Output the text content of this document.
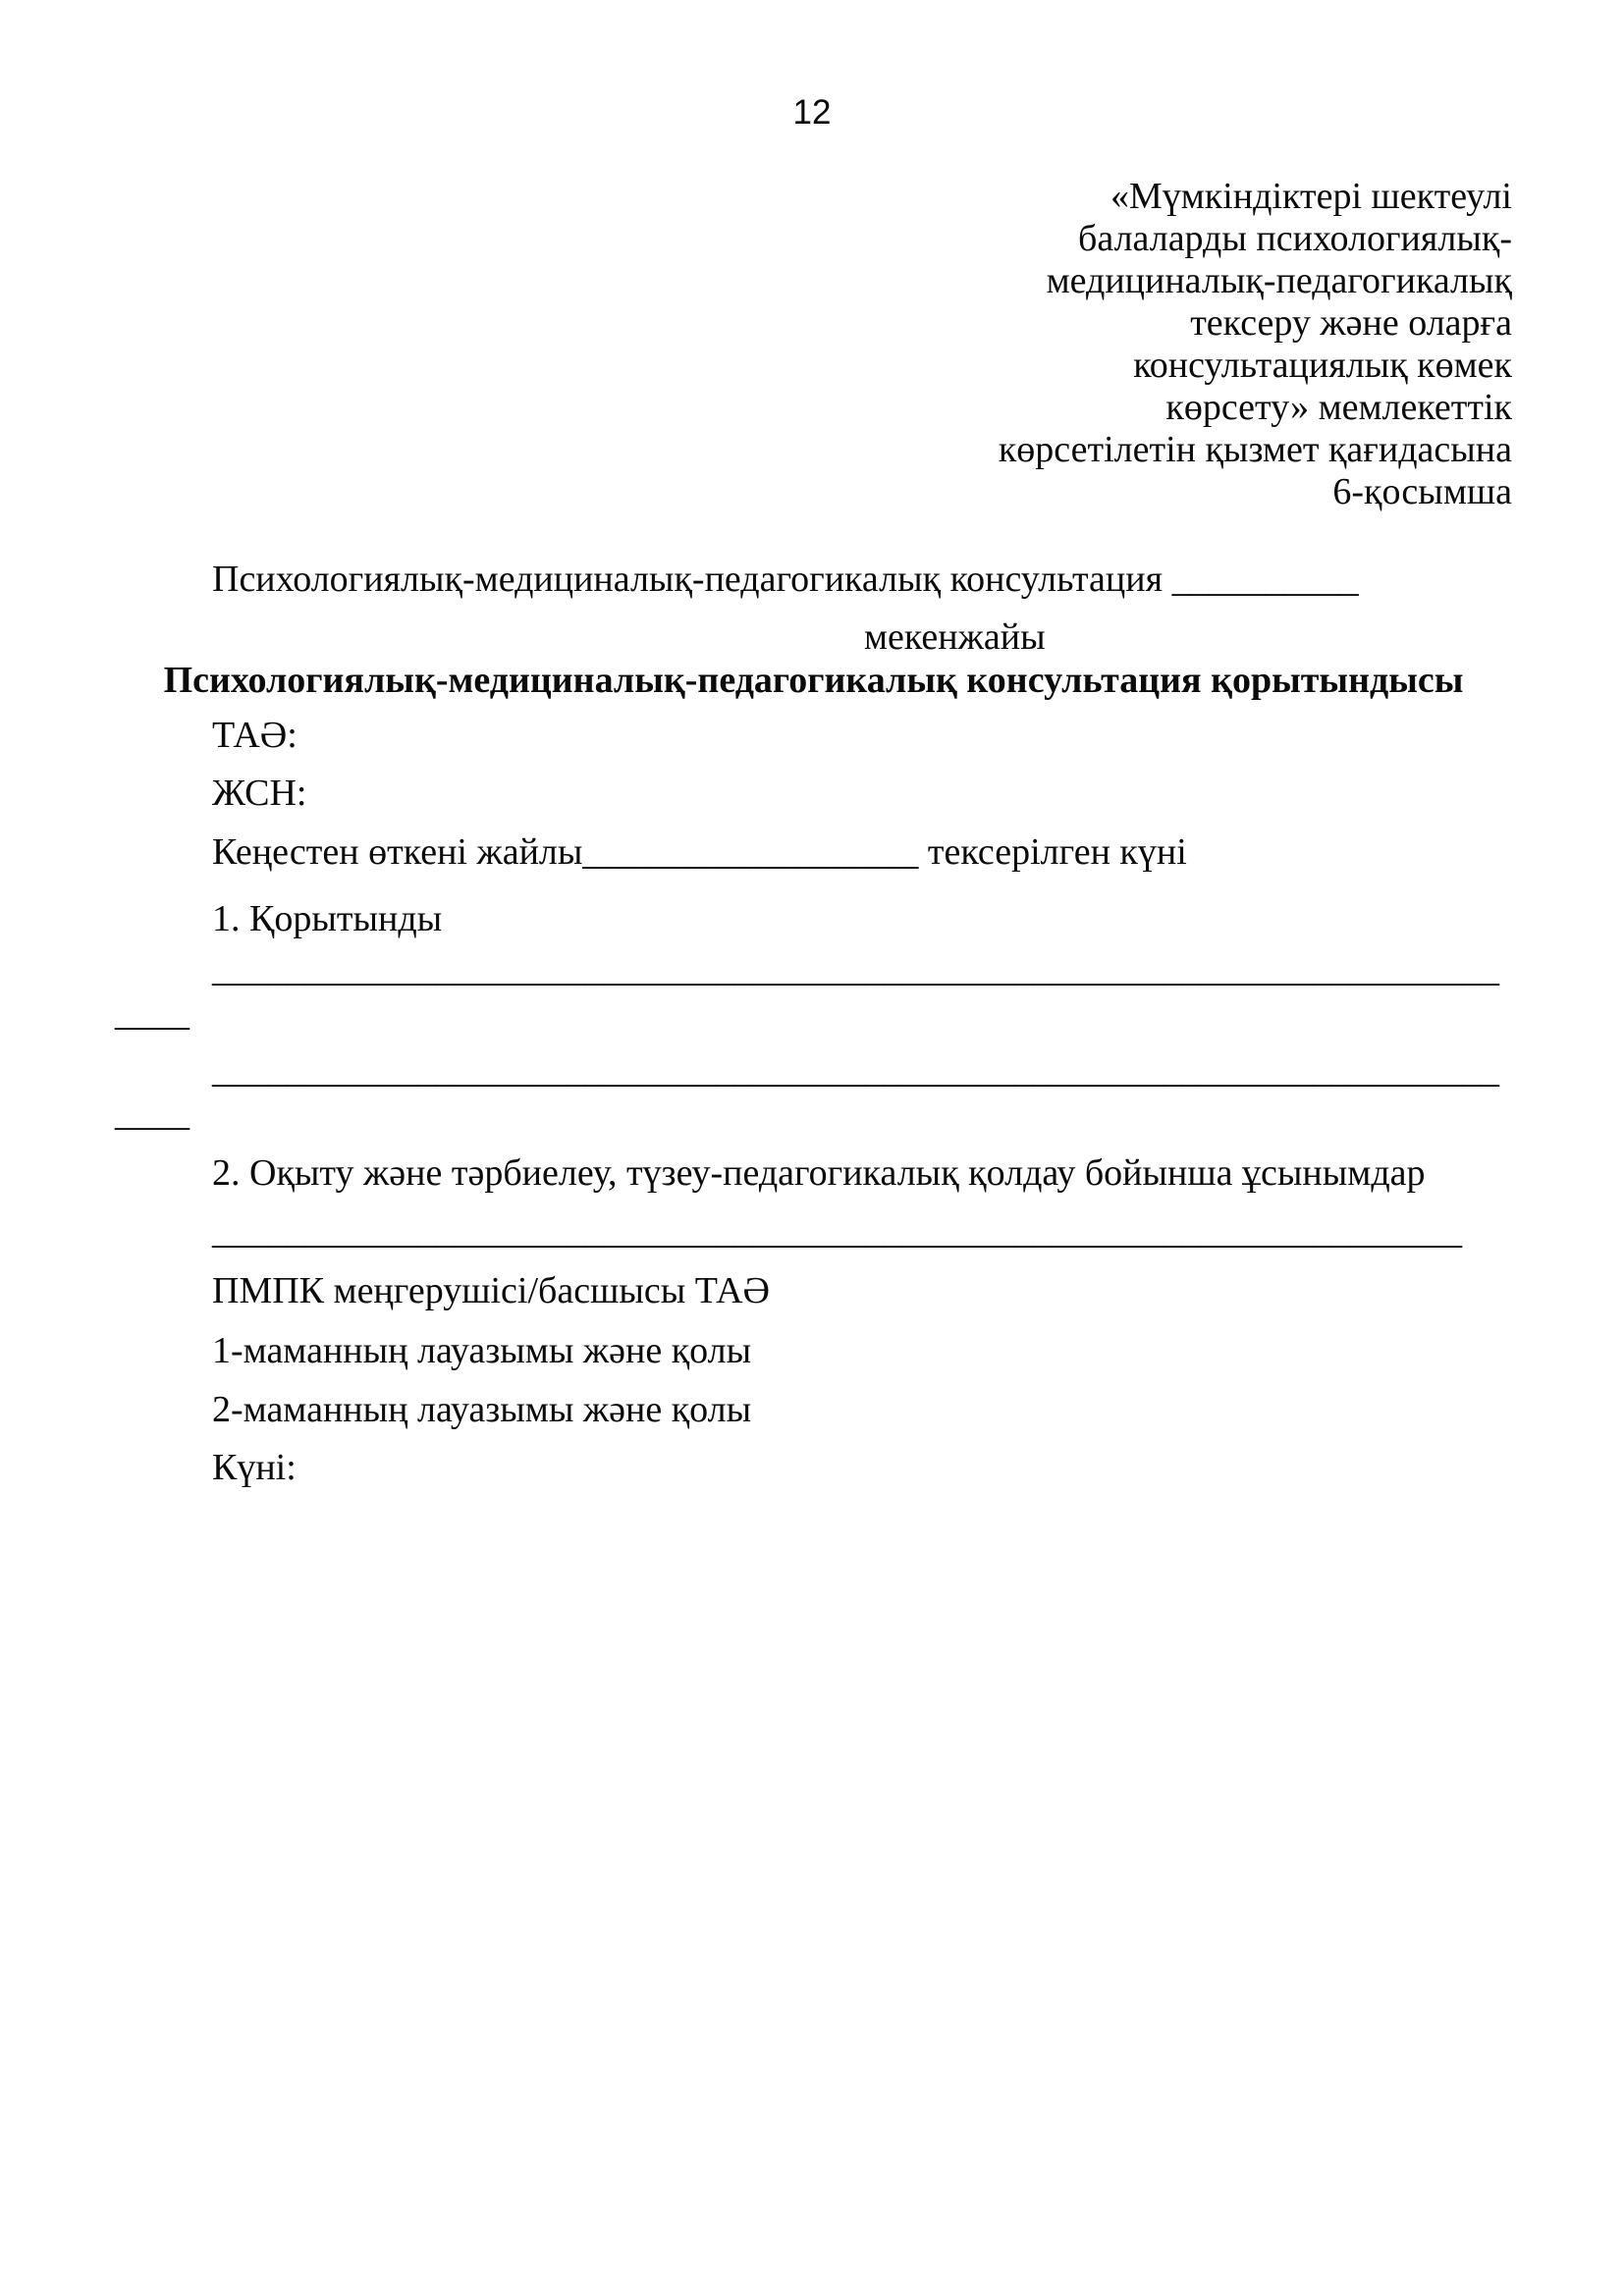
12
«Мүмкіндіктері шектеулі
балаларды психологиялық-
медициналық-педагогикалық
тексеру және оларға
консультациялық көмек
көрсету» мемлекеттік
көрсетілетін қызмет қағидасына
6-қосымша
Психологиялық-медициналық-педагогикалық консультация __________
мекенжайы
Психологиялық-медициналық-педагогикалық консультация қорытындысы
ТАӘ:
ЖСН:
Кеңестен өткені жайлы__________________ тексерілген күні
1. Қорытынды
_____________________________________________________________________
____
_____________________________________________________________________
____
2. Оқыту және тәрбиелеу, түзеу-педагогикалық қолдау бойынша ұсынымдар
___________________________________________________________________
ПМПК меңгерушісі/басшысы ТАӘ
1-маманның лауазымы және қолы
2-маманның лауазымы және қолы
Күні:
